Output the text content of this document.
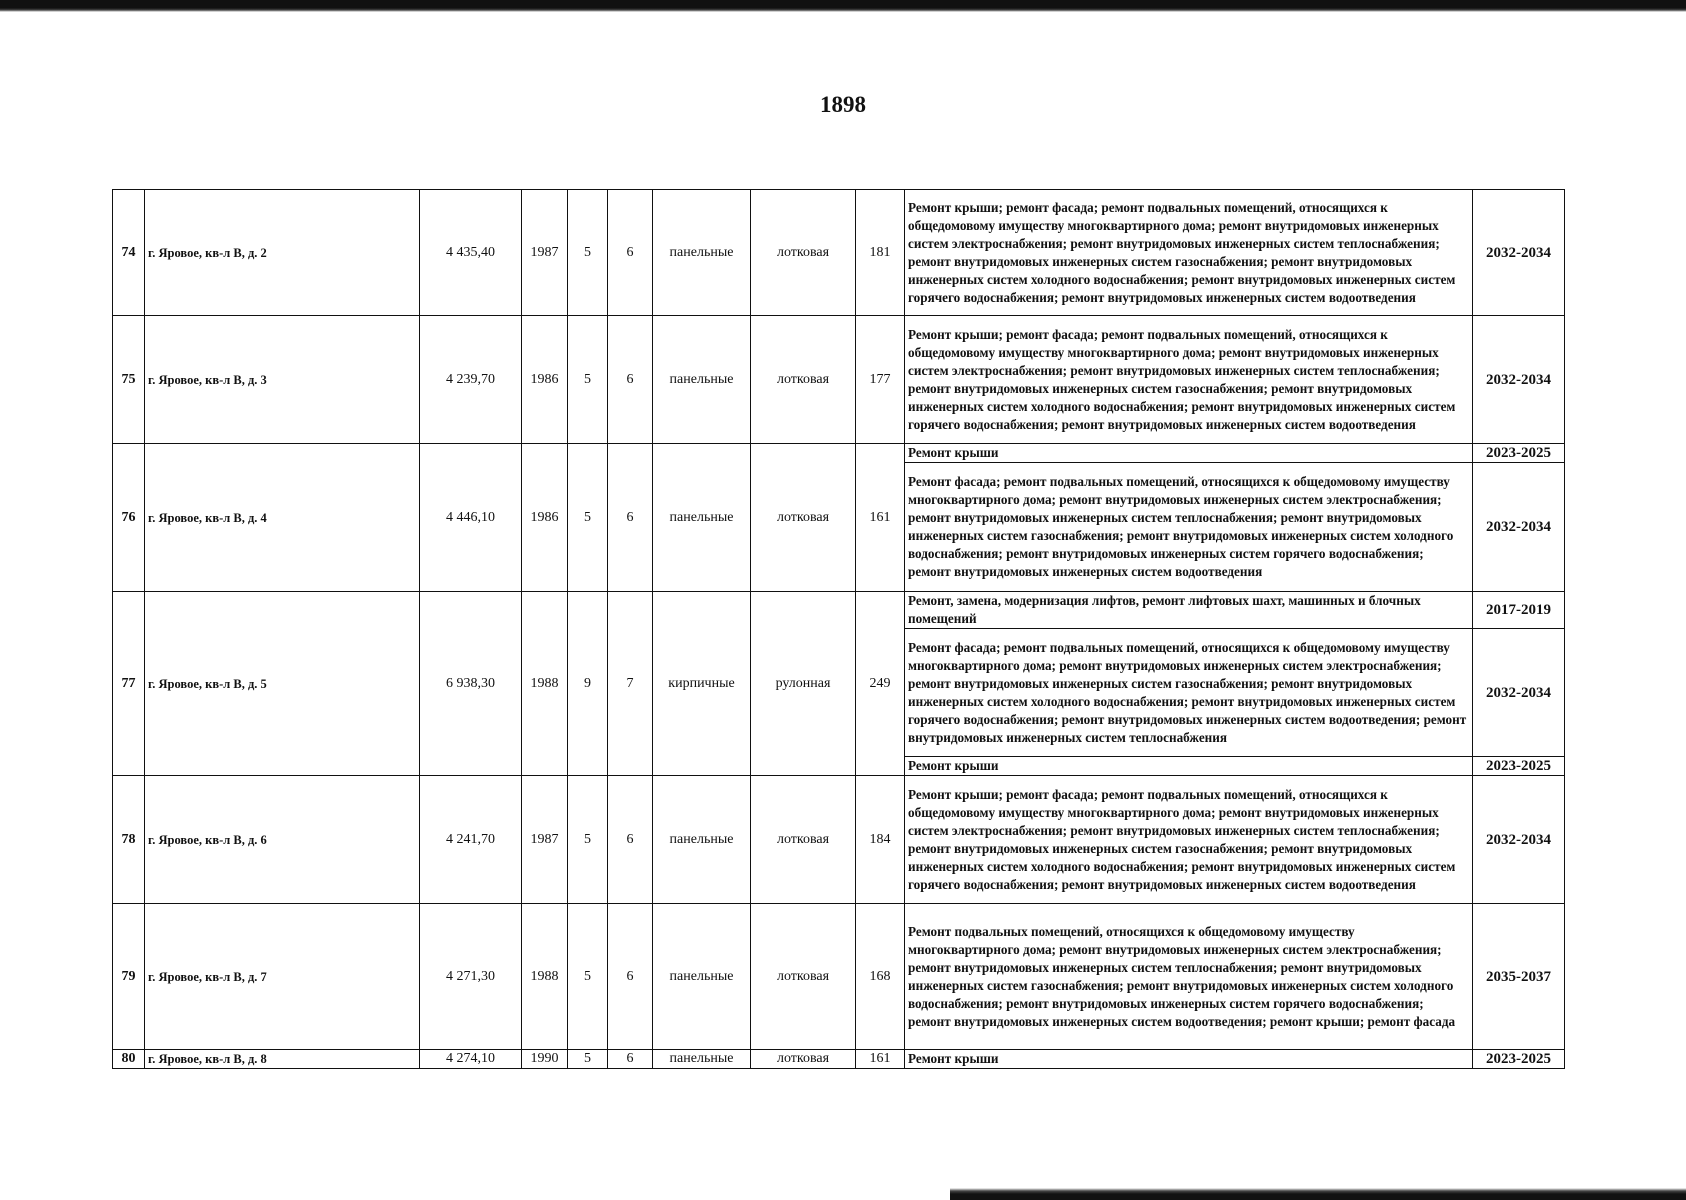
1898
74	г. Яровое, кв-л В, д. 2	4 435,40	1987	5	6	панельные	лотковая	181	Ремонт крыши; ремонт фасада; ремонт подвальных помещений, относящихся к общедомовому имуществу многоквартирного дома; ремонт внутридомовых инженерных систем электроснабжения; ремонт внутридомовых инженерных систем теплоснабжения; ремонт внутридомовых инженерных систем газоснабжения; ремонт внутридомовых инженерных систем холодного водоснабжения; ремонт внутридомовых инженерных систем горячего водоснабжения; ремонт внутридомовых инженерных систем водоотведения	2032-2034
75	г. Яровое, кв-л В, д. 3	4 239,70	1986	5	6	панельные	лотковая	177	Ремонт крыши; ремонт фасада; ремонт подвальных помещений, относящихся к общедомовому имуществу многоквартирного дома; ремонт внутридомовых инженерных систем электроснабжения; ремонт внутридомовых инженерных систем теплоснабжения; ремонт внутридомовых инженерных систем газоснабжения; ремонт внутридомовых инженерных систем холодного водоснабжения; ремонт внутридомовых инженерных систем горячего водоснабжения; ремонт внутридомовых инженерных систем водоотведения	2032-2034
76	г. Яровое, кв-л В, д. 4	4 446,10	1986	5	6	панельные	лотковая	161	Ремонт крыши	2023-2025
									Ремонт фасада; ремонт подвальных помещений, относящихся к общедомовому имуществу многоквартирного дома; ремонт внутридомовых инженерных систем электроснабжения; ремонт внутридомовых инженерных систем теплоснабжения; ремонт внутридомовых инженерных систем газоснабжения; ремонт внутридомовых инженерных систем холодного водоснабжения; ремонт внутридомовых инженерных систем горячего водоснабжения; ремонт внутридомовых инженерных систем водоотведения	2032-2034
77	г. Яровое, кв-л В, д. 5	6 938,30	1988	9	7	кирпичные	рулонная	249	Ремонт, замена, модернизация лифтов, ремонт лифтовых шахт, машинных и блочных помещений	2017-2019
									Ремонт фасада; ремонт подвальных помещений, относящихся к общедомовому имуществу многоквартирного дома; ремонт внутридомовых инженерных систем электроснабжения; ремонт внутридомовых инженерных систем газоснабжения; ремонт внутридомовых инженерных систем холодного водоснабжения; ремонт внутридомовых инженерных систем горячего водоснабжения; ремонт внутридомовых инженерных систем водоотведения; ремонт внутридомовых инженерных систем теплоснабжения	2032-2034
									Ремонт крыши	2023-2025
78	г. Яровое, кв-л В, д. 6	4 241,70	1987	5	6	панельные	лотковая	184	Ремонт крыши; ремонт фасада; ремонт подвальных помещений, относящихся к общедомовому имуществу многоквартирного дома; ремонт внутридомовых инженерных систем электроснабжения; ремонт внутридомовых инженерных систем теплоснабжения; ремонт внутридомовых инженерных систем газоснабжения; ремонт внутридомовых инженерных систем холодного водоснабжения; ремонт внутридомовых инженерных систем горячего водоснабжения; ремонт внутридомовых инженерных систем водоотведения	2032-2034
79	г. Яровое, кв-л В, д. 7	4 271,30	1988	5	6	панельные	лотковая	168	Ремонт подвальных помещений, относящихся к общедомовому имуществу многоквартирного дома; ремонт внутридомовых инженерных систем электроснабжения; ремонт внутридомовых инженерных систем теплоснабжения; ремонт внутридомовых инженерных систем газоснабжения; ремонт внутридомовых инженерных систем холодного водоснабжения; ремонт внутридомовых инженерных систем горячего водоснабжения; ремонт внутридомовых инженерных систем водоотведения; ремонт крыши; ремонт фасада	2035-2037
80	г. Яровое, кв-л В, д. 8	4 274,10	1990	5	6	панельные	лотковая	161	Ремонт крыши	2023-2025
